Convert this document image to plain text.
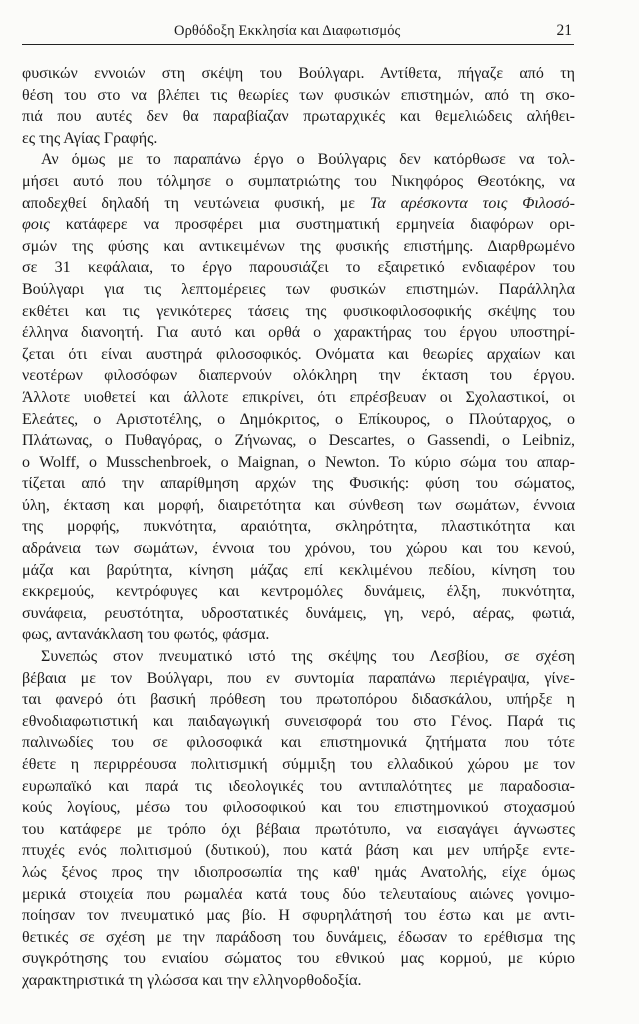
Ορθόδοξη Εκκλησία και Διαφωτισμός	21

φυσικών εννοιών στη σκέψη του Βούλγαρι. Αντίθετα, πήγαζε από τη
θέση του στο να βλέπει τις θεωρίες των φυσικών επιστημών, από τη σκο-
πιά που αυτές δεν θα παραβίαζαν πρωταρχικές και θεμελιώδεις αλήθει-
ες της Αγίας Γραφής.

Αν όμως με το παραπάνω έργο ο Βούλγαρις δεν κατόρθωσε να τολ-
μήσει αυτό που τόλμησε ο συμπατριώτης του Νικηφόρος Θεοτόκης, να
αποδεχθεί δηλαδή τη νευτώνεια φυσική, με Τα αρέσκοντα τοις Φιλοσό-
φοις κατάφερε να προσφέρει μια συστηματική ερμηνεία διαφόρων ορι-
σμών της φύσης και αντικειμένων της φυσικής επιστήμης. Διαρθρωμένο
σε 31 κεφάλαια, το έργο παρουσιάζει το εξαιρετικό ενδιαφέρον του
Βούλγαρι για τις λεπτομέρειες των φυσικών επιστημών. Παράλληλα
εκθέτει και τις γενικότερες τάσεις της φυσικοφιλοσοφικής σκέψης του
έλληνα διανοητή. Για αυτό και ορθά ο χαρακτήρας του έργου υποστηρί-
ζεται ότι είναι αυστηρά φιλοσοφικός. Ονόματα και θεωρίες αρχαίων και
νεοτέρων φιλοσόφων διαπερνούν ολόκληρη την έκταση του έργου.
Άλλοτε υιοθετεί και άλλοτε επικρίνει, ότι επρέσβευαν οι Σχολαστικοί, οι
Ελεάτες, ο Αριστοτέλης, ο Δημόκριτος, ο Επίκουρος, ο Πλούταρχος, ο
Πλάτωνας, ο Πυθαγόρας, ο Ζήνωνας, ο Descartes, ο Gassendi, ο Leibniz,
ο Wolff, ο Musschenbroek, ο Maignan, ο Newton. Το κύριο σώμα του απαρ-
τίζεται από την απαρίθμηση αρχών της Φυσικής: φύση του σώματος,
ύλη, έκταση και μορφή, διαιρετότητα και σύνθεση των σωμάτων, έννοια
της μορφής, πυκνότητα, αραιότητα, σκληρότητα, πλαστικότητα και
αδράνεια των σωμάτων, έννοια του χρόνου, του χώρου και του κενού,
μάζα και βαρύτητα, κίνηση μάζας επί κεκλιμένου πεδίου, κίνηση του
εκκρεμούς, κεντρόφυγες και κεντρομόλες δυνάμεις, έλξη, πυκνότητα,
συνάφεια, ρευστότητα, υδροστατικές δυνάμεις, γη, νερό, αέρας, φωτιά,
φως, αντανάκλαση του φωτός, φάσμα.

Συνεπώς στον πνευματικό ιστό της σκέψης του Λεσβίου, σε σχέση
βέβαια με τον Βούλγαρι, που εν συντομία παραπάνω περιέγραψα, γίνε-
ται φανερό ότι βασική πρόθεση του πρωτοπόρου διδασκάλου, υπήρξε η
εθνοδιαφωτιστική και παιδαγωγική συνεισφορά του στο Γένος. Παρά τις
παλινωδίες του σε φιλοσοφικά και επιστημονικά ζητήματα που τότε
έθετε η περιρρέουσα πολιτισμική σύμμιξη του ελλαδικού χώρου με τον
ευρωπαϊκό και παρά τις ιδεολογικές του αντιπαλότητες με παραδοσια-
κούς λογίους, μέσω του φιλοσοφικού και του επιστημονικού στοχασμού
του κατάφερε με τρόπο όχι βέβαια πρωτότυπο, να εισαγάγει άγνωστες
πτυχές ενός πολιτισμού (δυτικού), που κατά βάση και μεν υπήρξε εντε-
λώς ξένος προς την ιδιοπροσωπία της καθ' ημάς Ανατολής, είχε όμως
μερικά στοιχεία που ρωμαλέα κατά τους δύο τελευταίους αιώνες γονιμο-
ποίησαν τον πνευματικό μας βίο. Η σφυρηλάτησή του έστω και με αντι-
θετικές σε σχέση με την παράδοση του δυνάμεις, έδωσαν το ερέθισμα της
συγκρότησης του ενιαίου σώματος του εθνικού μας κορμού, με κύριο
χαρακτηριστικά τη γλώσσα και την ελληνορθοδοξία.
